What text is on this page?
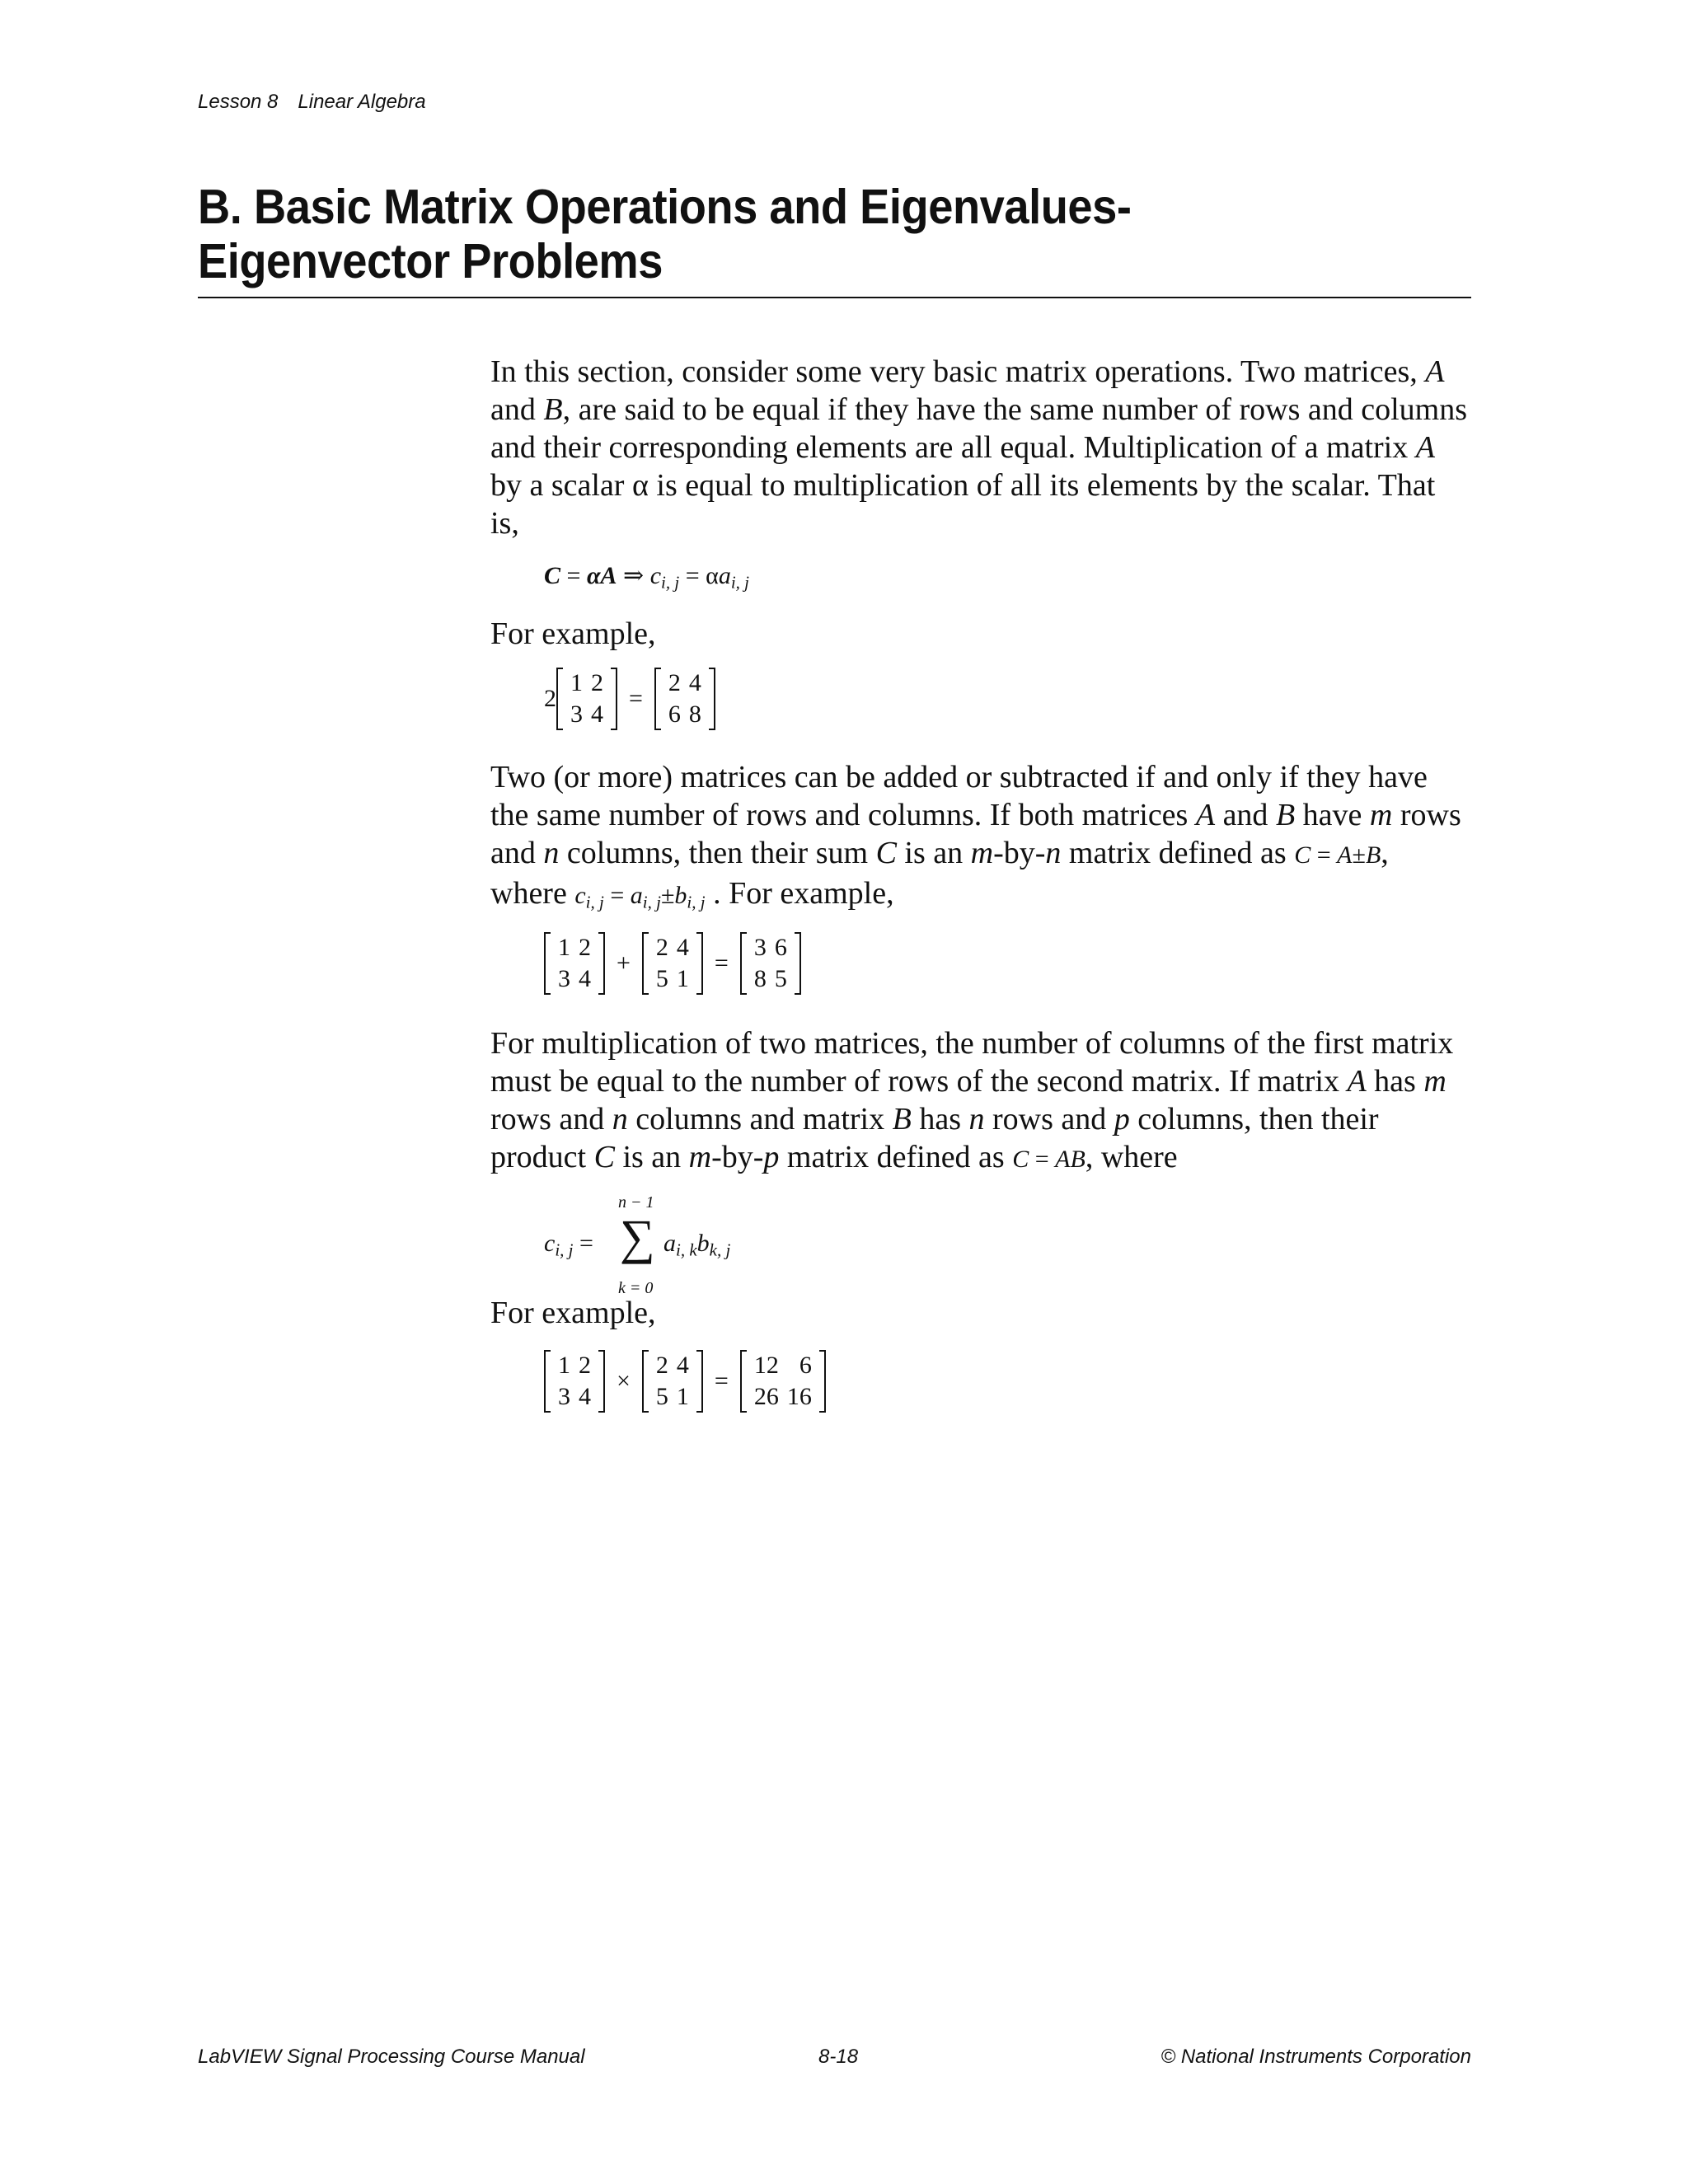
Lesson 8 Linear Algebra
B. Basic Matrix Operations and Eigenvalues-Eigenvector Problems

In this section, consider some very basic matrix operations. Two matrices, A and B, are said to be equal if they have the same number of rows and columns and their corresponding elements are all equal. Multiplication of a matrix A by a scalar α is equal to multiplication of all its elements by the scalar. That is,

C = αA ⇒ $c_{i, j} = \alpha a_{i, j}$

For example,

2
1	2
3	4
=
2	4
6	8

Two (or more) matrices can be added or subtracted if and only if they have the same number of rows and columns. If both matrices A and B have m rows and n columns, then their sum C is an m-by-n matrix defined as C = A±B, where $c_{i, j} = a_{i, j}\pm b_{i, j}$ . For example,

1	2
3	4
+
2	4
5	1
=
3	6
8	5

For multiplication of two matrices, the number of columns of the first matrix must be equal to the number of rows of the second matrix. If matrix A has m rows and n columns and matrix B has n rows and p columns, then their product C is an m-by-p matrix defined as C = AB, where

$c_{i, j}$ =
n − 1
∑
k = 0
$a_{i, k}b_{k, j}$

For example,

1	2
3	4
×
2	4
5	1
=
12	6
26	16
LabVIEW Signal Processing Course Manual	8-18	© National Instruments Corporation
